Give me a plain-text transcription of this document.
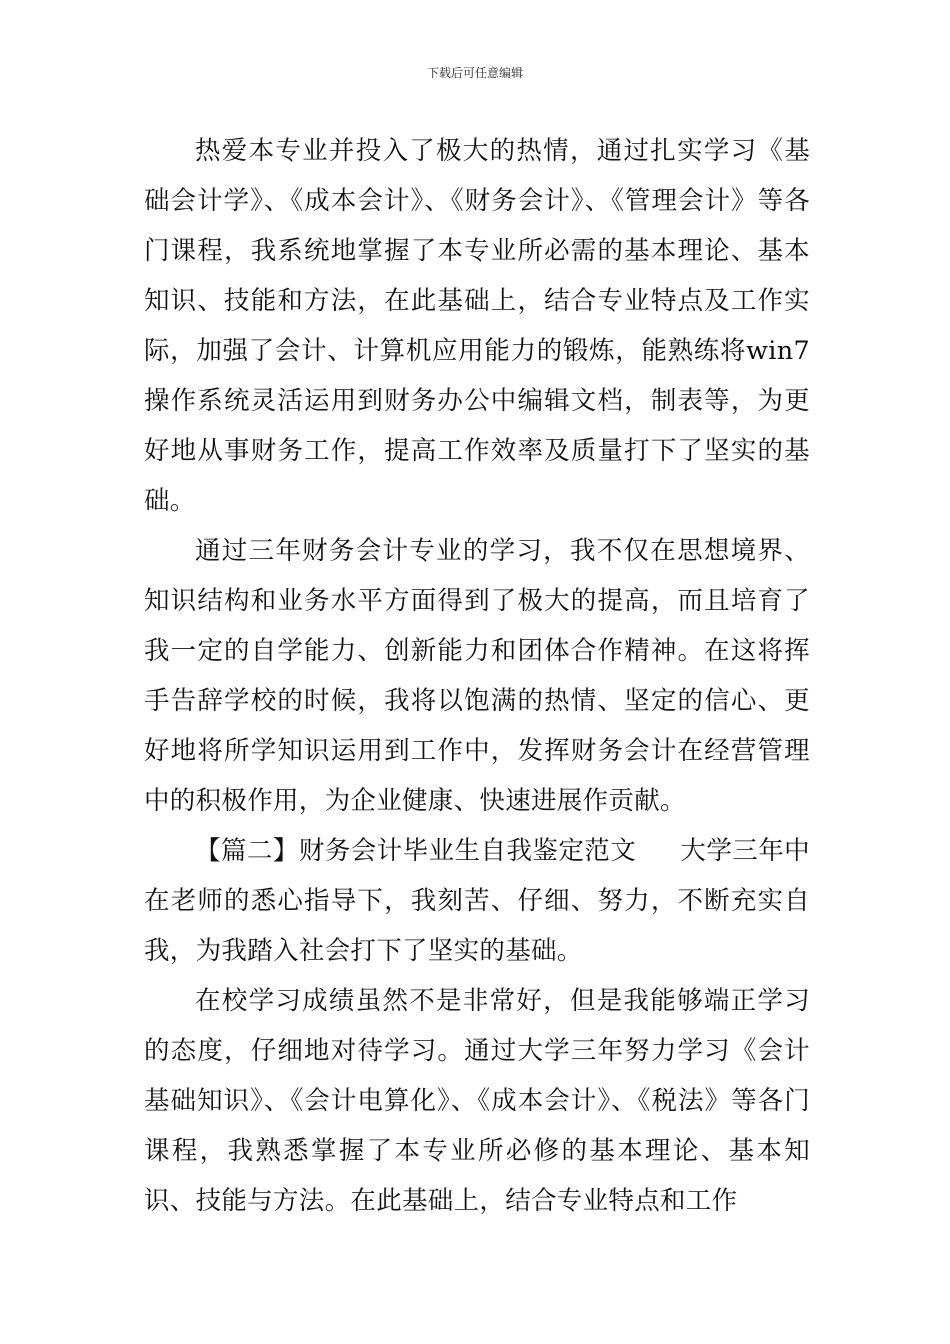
下载后可任意编辑

热爱本专业并投入了极大的热情，通过扎实学习《基础会计学》、《成本会计》、《财务会计》、《管理会计》等各门课程，我系统地掌握了本专业所必需的基本理论、基本知识、技能和方法，在此基础上，结合专业特点及工作实际，加强了会计、计算机应用能力的锻炼，能熟练将win7操作系统灵活运用到财务办公中编辑文档，制表等，为更好地从事财务工作，提高工作效率及质量打下了坚实的基础。

通过三年财务会计专业的学习，我不仅在思想境界、知识结构和业务水平方面得到了极大的提高，而且培育了我一定的自学能力、创新能力和团体合作精神。在这将挥手告辞学校的时候，我将以饱满的热情、坚定的信心、更好地将所学知识运用到工作中，发挥财务会计在经营管理中的积极作用，为企业健康、快速进展作贡献。

【篇二】财务会计毕业生自我鉴定范文 大学三年中在老师的悉心指导下，我刻苦、仔细、努力，不断充实自我，为我踏入社会打下了坚实的基础。

在校学习成绩虽然不是非常好，但是我能够端正学习的态度，仔细地对待学习。通过大学三年努力学习《会计基础知识》、《会计电算化》、《成本会计》、《税法》等各门课程，我熟悉掌握了本专业所必修的基本理论、基本知识、技能与方法。在此基础上，结合专业特点和工作
